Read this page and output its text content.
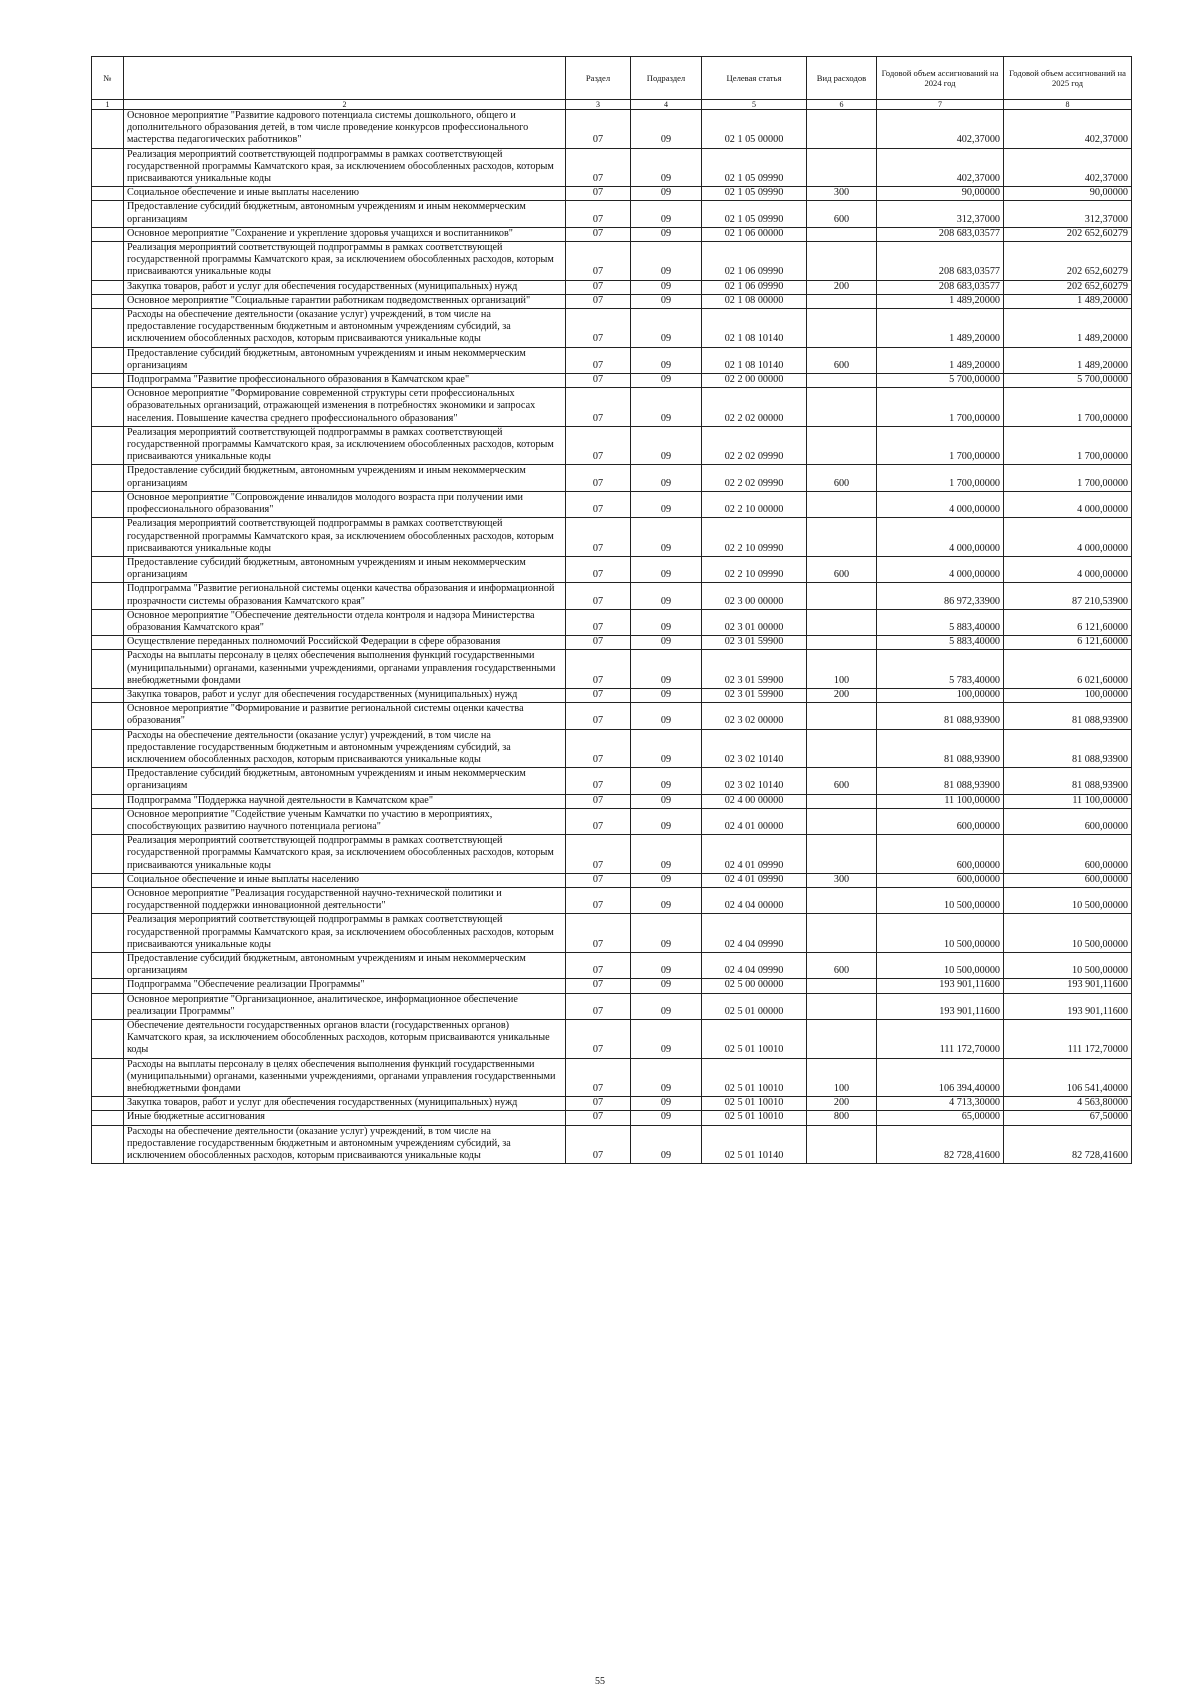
№		Раздел	Подраздел	Целевая статья	Вид расходов	Годовой объем ассигнований на 2024 год	Годовой объем ассигнований на 2025 год
1	2	3	4	5	6	7	8
	Основное мероприятие "Развитие кадрового потенциала системы дошкольного, общего и дополнительного образования детей, в том числе проведение конкурсов профессионального мастерства педагогических работников"	07	09	02 1 05 00000		402,37000	402,37000
	Реализация мероприятий соответствующей подпрограммы в рамках соответствующей государственной программы Камчатского края, за исключением обособленных расходов, которым присваиваются уникальные коды	07	09	02 1 05 09990		402,37000	402,37000
	Социальное обеспечение и иные выплаты населению	07	09	02 1 05 09990	300	90,00000	90,00000
	Предоставление субсидий бюджетным, автономным учреждениям и иным некоммерческим организациям	07	09	02 1 05 09990	600	312,37000	312,37000
	Основное мероприятие "Сохранение и укрепление здоровья учащихся и воспитанников"	07	09	02 1 06 00000		208 683,03577	202 652,60279
	Реализация мероприятий соответствующей подпрограммы в рамках соответствующей государственной программы Камчатского края, за исключением обособленных расходов, которым присваиваются уникальные коды	07	09	02 1 06 09990		208 683,03577	202 652,60279
	Закупка товаров, работ и услуг для обеспечения государственных (муниципальных) нужд	07	09	02 1 06 09990	200	208 683,03577	202 652,60279
	Основное мероприятие "Социальные гарантии работникам подведомственных организаций"	07	09	02 1 08 00000		1 489,20000	1 489,20000
	Расходы на обеспечение деятельности (оказание услуг) учреждений, в том числе на предоставление государственным бюджетным и автономным учреждениям субсидий, за исключением обособленных расходов, которым присваиваются уникальные коды	07	09	02 1 08 10140		1 489,20000	1 489,20000
	Предоставление субсидий бюджетным, автономным учреждениям и иным некоммерческим организациям	07	09	02 1 08 10140	600	1 489,20000	1 489,20000
	Подпрограмма "Развитие профессионального образования в Камчатском крае"	07	09	02 2 00 00000		5 700,00000	5 700,00000
	Основное мероприятие "Формирование современной структуры сети профессиональных образовательных организаций, отражающей изменения в потребностях экономики и запросах населения. Повышение качества среднего профессионального образования"	07	09	02 2 02 00000		1 700,00000	1 700,00000
	Реализация мероприятий соответствующей подпрограммы в рамках соответствующей государственной программы Камчатского края, за исключением обособленных расходов, которым присваиваются уникальные коды	07	09	02 2 02 09990		1 700,00000	1 700,00000
	Предоставление субсидий бюджетным, автономным учреждениям и иным некоммерческим организациям	07	09	02 2 02 09990	600	1 700,00000	1 700,00000
	Основное мероприятие "Сопровождение инвалидов молодого возраста при получении ими профессионального образования"	07	09	02 2 10 00000		4 000,00000	4 000,00000
	Реализация мероприятий соответствующей подпрограммы в рамках соответствующей государственной программы Камчатского края, за исключением обособленных расходов, которым присваиваются уникальные коды	07	09	02 2 10 09990		4 000,00000	4 000,00000
	Предоставление субсидий бюджетным, автономным учреждениям и иным некоммерческим организациям	07	09	02 2 10 09990	600	4 000,00000	4 000,00000
	Подпрограмма "Развитие региональной системы оценки качества образования и информационной прозрачности системы образования Камчатского края"	07	09	02 3 00 00000		86 972,33900	87 210,53900
	Основное мероприятие "Обеспечение деятельности отдела контроля и надзора Министерства образования Камчатского края"	07	09	02 3 01 00000		5 883,40000	6 121,60000
	Осуществление переданных полномочий Российской Федерации в сфере образования	07	09	02 3 01 59900		5 883,40000	6 121,60000
	Расходы на выплаты персоналу в целях обеспечения выполнения функций государственными (муниципальными) органами, казенными учреждениями, органами управления государственными внебюджетными фондами	07	09	02 3 01 59900	100	5 783,40000	6 021,60000
	Закупка товаров, работ и услуг для обеспечения государственных (муниципальных) нужд	07	09	02 3 01 59900	200	100,00000	100,00000
	Основное мероприятие "Формирование и развитие региональной системы оценки качества образования"	07	09	02 3 02 00000		81 088,93900	81 088,93900
	Расходы на обеспечение деятельности (оказание услуг) учреждений, в том числе на предоставление государственным бюджетным и автономным учреждениям субсидий, за исключением обособленных расходов, которым присваиваются уникальные коды	07	09	02 3 02 10140		81 088,93900	81 088,93900
	Предоставление субсидий бюджетным, автономным учреждениям и иным некоммерческим организациям	07	09	02 3 02 10140	600	81 088,93900	81 088,93900
	Подпрограмма "Поддержка научной деятельности в Камчатском крае"	07	09	02 4 00 00000		11 100,00000	11 100,00000
	Основное мероприятие "Содействие ученым Камчатки по участию в мероприятиях, способствующих развитию научного потенциала региона"	07	09	02 4 01 00000		600,00000	600,00000
	Реализация мероприятий соответствующей подпрограммы в рамках соответствующей государственной программы Камчатского края, за исключением обособленных расходов, которым присваиваются уникальные коды	07	09	02 4 01 09990		600,00000	600,00000
	Социальное обеспечение и иные выплаты населению	07	09	02 4 01 09990	300	600,00000	600,00000
	Основное мероприятие "Реализация государственной научно-технической политики и государственной поддержки инновационной деятельности"	07	09	02 4 04 00000		10 500,00000	10 500,00000
	Реализация мероприятий соответствующей подпрограммы в рамках соответствующей государственной программы Камчатского края, за исключением обособленных расходов, которым присваиваются уникальные коды	07	09	02 4 04 09990		10 500,00000	10 500,00000
	Предоставление субсидий бюджетным, автономным учреждениям и иным некоммерческим организациям	07	09	02 4 04 09990	600	10 500,00000	10 500,00000
	Подпрограмма "Обеспечение реализации Программы"	07	09	02 5 00 00000		193 901,11600	193 901,11600
	Основное мероприятие "Организационное, аналитическое, информационное обеспечение реализации Программы"	07	09	02 5 01 00000		193 901,11600	193 901,11600
	Обеспечение деятельности государственных органов власти (государственных органов) Камчатского края, за исключением обособленных расходов, которым присваиваются уникальные коды	07	09	02 5 01 10010		111 172,70000	111 172,70000
	Расходы на выплаты персоналу в целях обеспечения выполнения функций государственными (муниципальными) органами, казенными учреждениями, органами управления государственными внебюджетными фондами	07	09	02 5 01 10010	100	106 394,40000	106 541,40000
	Закупка товаров, работ и услуг для обеспечения государственных (муниципальных) нужд	07	09	02 5 01 10010	200	4 713,30000	4 563,80000
	Иные бюджетные ассигнования	07	09	02 5 01 10010	800	65,00000	67,50000
	Расходы на обеспечение деятельности (оказание услуг) учреждений, в том числе на предоставление государственным бюджетным и автономным учреждениям субсидий, за исключением обособленных расходов, которым присваиваются уникальные коды	07	09	02 5 01 10140		82 728,41600	82 728,41600
55
